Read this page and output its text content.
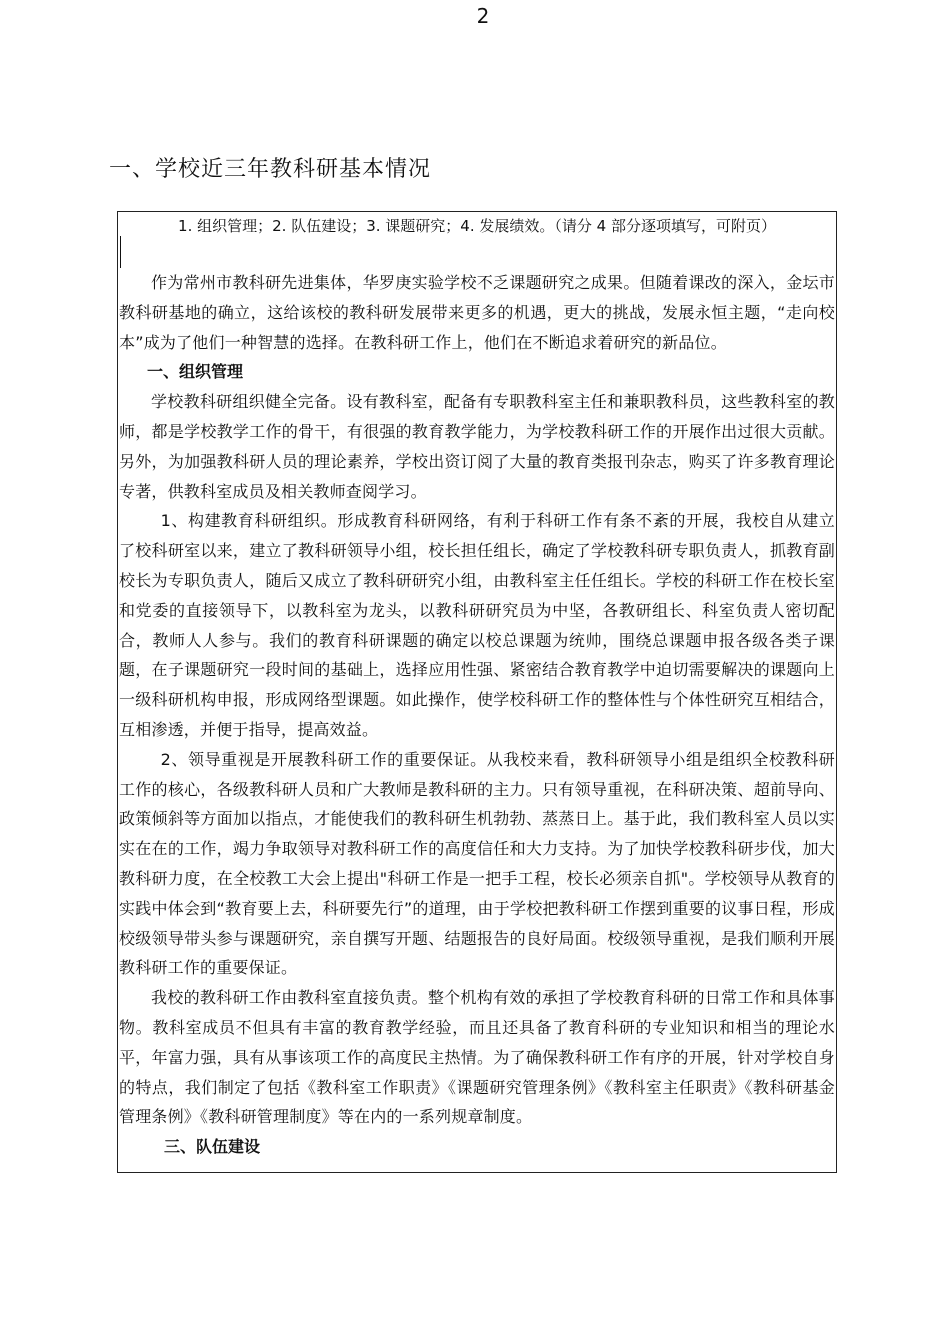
2
一、学校近三年教科研基本情况
1. 组织管理；2. 队伍建设；3. 课题研究；4. 发展绩效。（请分 4 部分逐项填写，可附页）

作为常州市教科研先进集体，华罗庚实验学校不乏课题研究之成果。但随着课改的深入，金坛市教科研基地的确立，这给该校的教科研发展带来更多的机遇，更大的挑战，发展永恒主题，“走向校本”成为了他们一种智慧的选择。在教科研工作上，他们在不断追求着研究的新品位。

一、组织管理

学校教科研组织健全完备。设有教科室，配备有专职教科室主任和兼职教科员，这些教科室的教师，都是学校教学工作的骨干，有很强的教育教学能力，为学校教科研工作的开展作出过很大贡献。另外，为加强教科研人员的理论素养，学校出资订阅了大量的教育类报刊杂志，购买了许多教育理论专著，供教科室成员及相关教师查阅学习。

1、构建教育科研组织。形成教育科研网络，有利于科研工作有条不紊的开展，我校自从建立了校科研室以来，建立了教科研领导小组，校长担任组长，确定了学校教科研专职负责人，抓教育副校长为专职负责人，随后又成立了教科研研究小组，由教科室主任任组长。学校的科研工作在校长室和党委的直接领导下，以教科室为龙头，以教科研研究员为中坚，各教研组长、科室负责人密切配合，教师人人参与。我们的教育科研课题的确定以校总课题为统帅，围绕总课题申报各级各类子课题，在子课题研究一段时间的基础上，选择应用性强、紧密结合教育教学中迫切需要解决的课题向上一级科研机构申报，形成网络型课题。如此操作，使学校科研工作的整体性与个体性研究互相结合，互相渗透，并便于指导，提高效益。

2、领导重视是开展教科研工作的重要保证。从我校来看，教科研领导小组是组织全校教科研工作的核心，各级教科研人员和广大教师是教科研的主力。只有领导重视，在科研决策、超前导向、政策倾斜等方面加以指点，才能使我们的教科研生机勃勃、蒸蒸日上。基于此，我们教科室人员以实实在在的工作，竭力争取领导对教科研工作的高度信任和大力支持。为了加快学校教科研步伐，加大教科研力度，在全校教工大会上提出"科研工作是一把手工程，校长必须亲自抓"。学校领导从教育的实践中体会到“教育要上去，科研要先行”的道理，由于学校把教科研工作摆到重要的议事日程，形成校级领导带头参与课题研究，亲自撰写开题、结题报告的良好局面。校级领导重视，是我们顺利开展教科研工作的重要保证。

我校的教科研工作由教科室直接负责。整个机构有效的承担了学校教育科研的日常工作和具体事物。教科室成员不但具有丰富的教育教学经验，而且还具备了教育科研的专业知识和相当的理论水平，年富力强，具有从事该项工作的高度民主热情。为了确保教科研工作有序的开展，针对学校自身的特点，我们制定了包括《教科室工作职责》《课题研究管理条例》《教科室主任职责》《教科研基金管理条例》《教科研管理制度》等在内的一系列规章制度。

三、队伍建设
